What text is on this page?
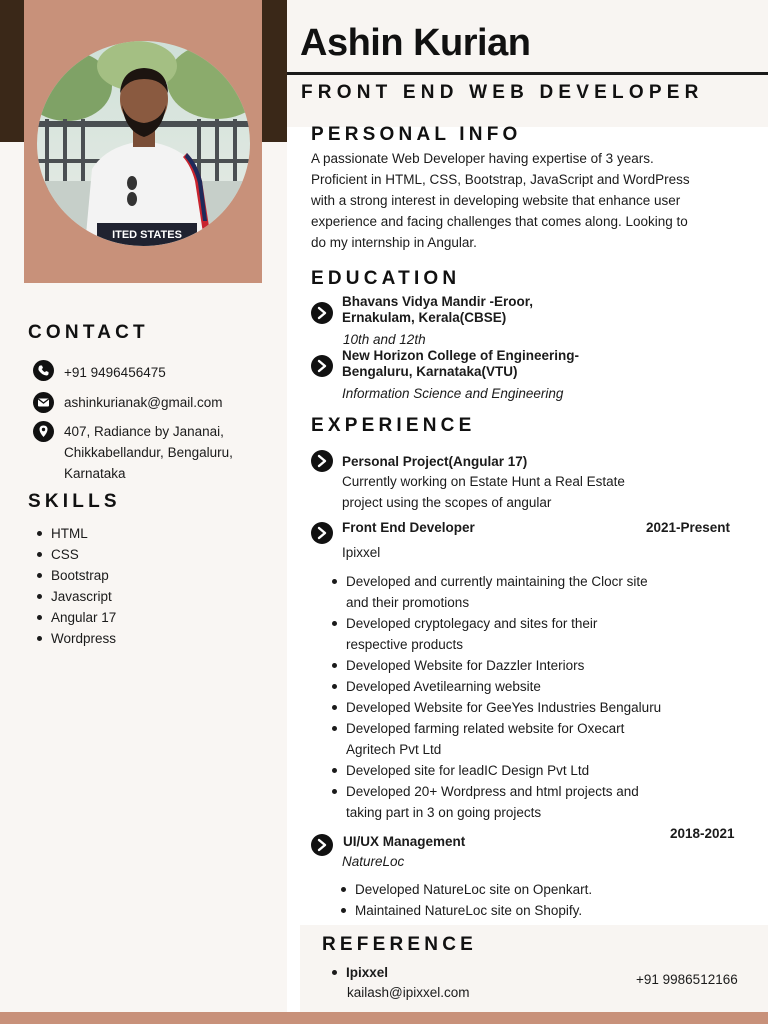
ITED STATES
Ashin Kurian
FRONT END WEB DEVELOPER
PERSONAL INFO
A passionate Web Developer having expertise of 3 years.
Proficient in HTML, CSS, Bootstrap, JavaScript and WordPress
with a strong interest in developing website that enhance user
experience and facing challenges that comes along. Looking to
do my internship in Angular.
EDUCATION
Bhavans Vidya Mandir -Eroor,
Ernakulam, Kerala(CBSE)
10th and 12th
New Horizon College of Engineering-
Bengaluru, Karnataka(VTU)
Information Science and Engineering
EXPERIENCE
Personal Project(Angular 17)
Currently working on Estate Hunt a Real Estate
project using the scopes of angular
Front End Developer	2021-Present
Ipixxel
Developed and currently maintaining the Clocr site
and their promotions
Developed cryptolegacy and sites for their
respective products
Developed Website for Dazzler Interiors
Developed Avetilearning website
Developed Website for GeeYes Industries Bengaluru
Developed farming related website for Oxecart
Agritech Pvt Ltd
Developed site for leadIC Design Pvt Ltd
Developed 20+ Wordpress and html projects and
taking part in 3 on going projects
UI/UX Management
2018-2021
NatureLoc
Developed NatureLoc site on Openkart.
Maintained NatureLoc site on Shopify.
REFERENCE
Ipixxel
kailash@ipixxel.com
+91 9986512166
CONTACT
+91 9496456475
ashinkurianak@gmail.com
407, Radiance by Jananai,
Chikkabellandur, Bengaluru,
Karnataka
SKILLS
HTML
CSS
Bootstrap
Javascript
Angular 17
Wordpress
